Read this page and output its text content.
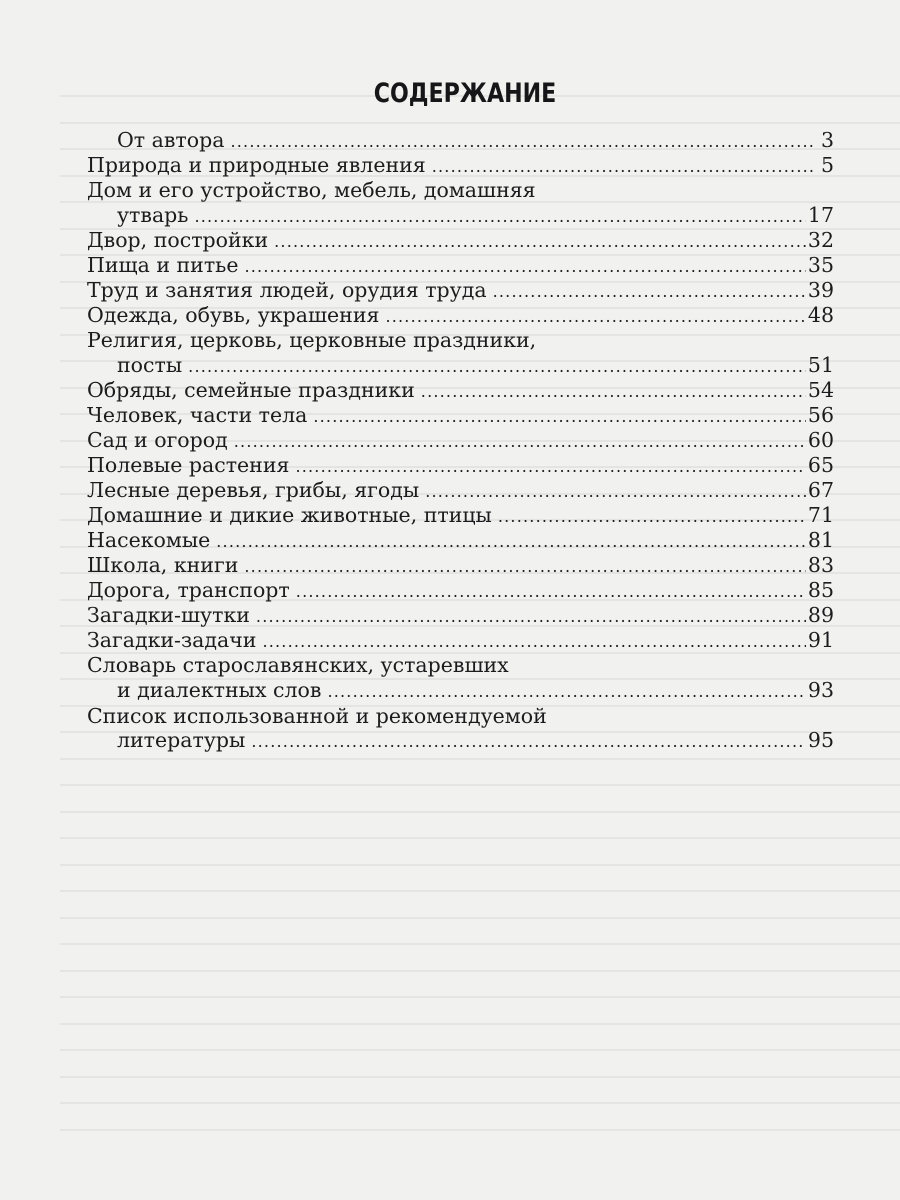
СОДЕРЖАНИЕ
От автора .....	3
Природа и природные явления .....	5
Дом и его устройство, мебель, домашняя
утварь .....	17
Двор, постройки .....	32
Пища и питье .....	35
Труд и занятия людей, орудия труда .....	39
Одежда, обувь, украшения .....	48
Религия, церковь, церковные праздники,
посты .....	51
Обряды, семейные праздники .....	54
Человек, части тела .....	56
Сад и огород .....	60
Полевые растения .....	65
Лесные деревья, грибы, ягоды .....	67
Домашние и дикие животные, птицы .....	71
Насекомые .....	81
Школа, книги .....	83
Дорога, транспорт .....	85
Загадки-шутки .....	89
Загадки-задачи .....	91
Словарь старославянских, устаревших
и диалектных слов .....	93
Список использованной и рекомендуемой
литературы .....	95
